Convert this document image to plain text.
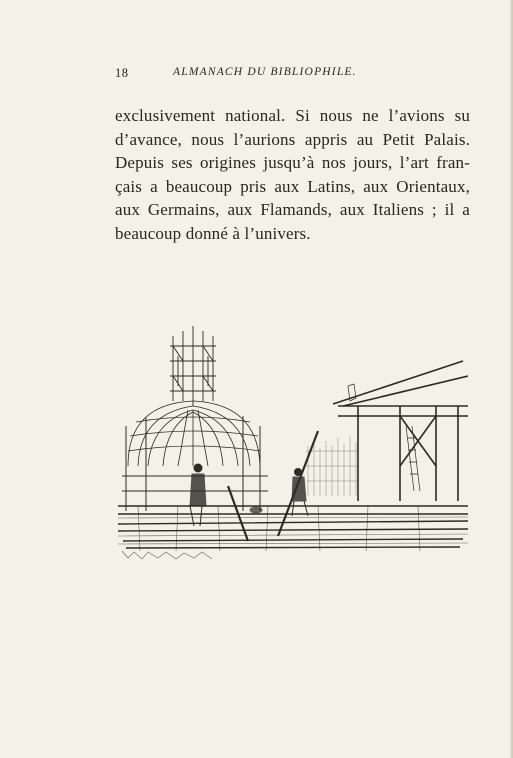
18	ALMANACH DU BIBLIOPHILE.
exclusivement national. Si nous ne l’avions su
d’avance, nous l’aurions appris au Petit Palais.
Depuis ses origines jusqu’à nos jours, l’art fran-
çais a beaucoup pris aux Latins, aux Orientaux,
aux Germains, aux Flamands, aux Italiens ; il a
beaucoup donné à l’univers.
